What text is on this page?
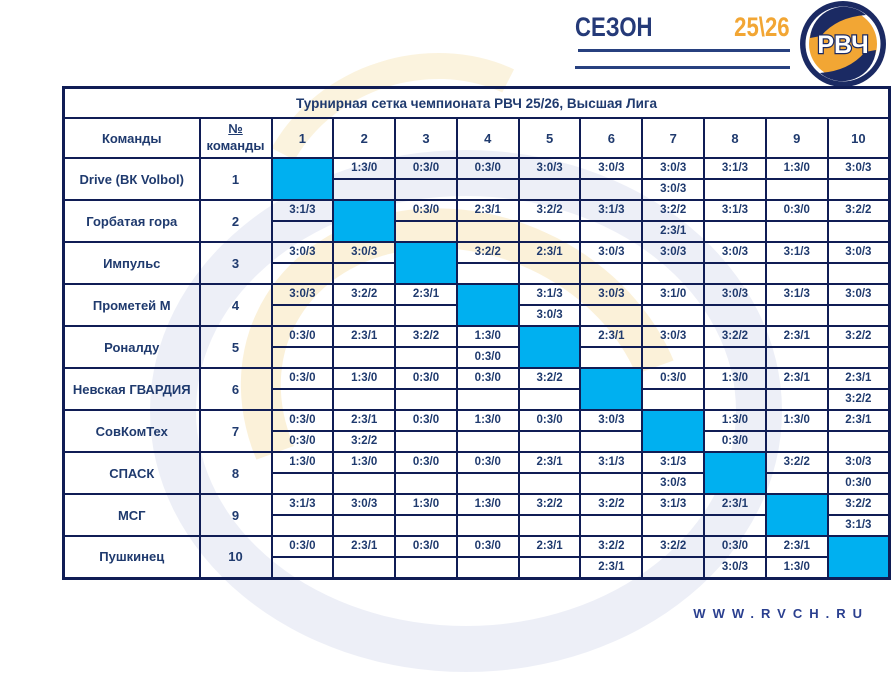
СЕЗОН	25\26
РВЧ
Турнирная сетка чемпионата РВЧ 25/26, Высшая Лига											
Команды	№
команды	1	2	3	4	5	6	7	8	9	10
Drive (ВК Volbol)	1		1:3/0	0:3/0	0:3/0	3:0/3	3:0/3	3:0/3	3:1/3	1:3/0	3:0/3
								3:0/3			
Горбатая гора	2	3:1/3		0:3/0	2:3/1	3:2/2	3:1/3	3:2/2	3:1/3	0:3/0	3:2/2
								2:3/1			
Импульс	3	3:0/3	3:0/3		3:2/2	2:3/1	3:0/3	3:0/3	3:0/3	3:1/3	3:0/3

Прометей М	4	3:0/3	3:2/2	2:3/1		3:1/3	3:0/3	3:1/0	3:0/3	3:1/3	3:0/3
						3:0/3					
Роналду	5	0:3/0	2:3/1	3:2/2	1:3/0		2:3/1	3:0/3	3:2/2	2:3/1	3:2/2
					0:3/0						
Невская ГВАРДИЯ	6	0:3/0	1:3/0	0:3/0	0:3/0	3:2/2		0:3/0	1:3/0	2:3/1	2:3/1
											3:2/2
СовКомТех	7	0:3/0	2:3/1	0:3/0	1:3/0	0:3/0	3:0/3		1:3/0	1:3/0	2:3/1
		0:3/0	3:2/2						0:3/0		
СПАСК	8	1:3/0	1:3/0	0:3/0	0:3/0	2:3/1	3:1/3	3:1/3		3:2/2	3:0/3
								3:0/3			0:3/0
МСГ	9	3:1/3	3:0/3	1:3/0	1:3/0	3:2/2	3:2/2	3:1/3	2:3/1		3:2/2
											3:1/3
Пушкинец	10	0:3/0	2:3/1	0:3/0	0:3/0	2:3/1	3:2/2	3:2/2	0:3/0	2:3/1	
							2:3/1		3:0/3	1:3/0	
WWW.RVCH.RU
